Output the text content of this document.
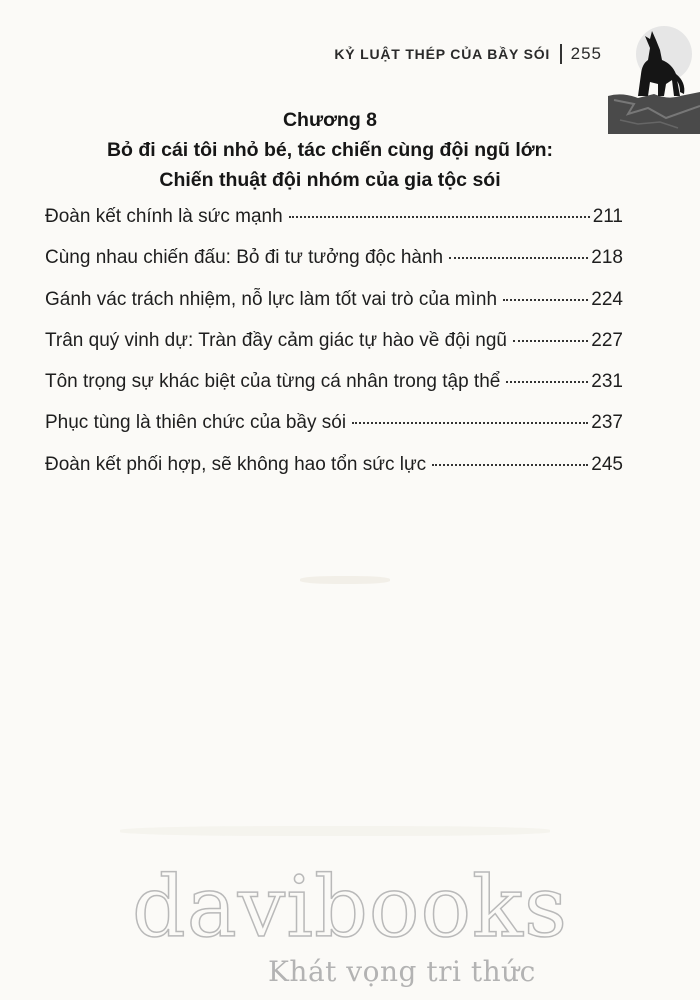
KỶ LUẬT THÉP CỦA BẦY SÓI 255
Chương 8
Bỏ đi cái tôi nhỏ bé, tác chiến cùng đội ngũ lớn:
Chiến thuật đội nhóm của gia tộc sói
Đoàn kết chính là sức mạnh	211
Cùng nhau chiến đấu: Bỏ đi tư tưởng độc hành	218
Gánh vác trách nhiệm, nỗ lực làm tốt vai trò của mình	224
Trân quý vinh dự: Tràn đầy cảm giác tự hào về đội ngũ	227
Tôn trọng sự khác biệt của từng cá nhân trong tập thể	231
Phục tùng là thiên chức của bầy sói	237
Đoàn kết phối hợp, sẽ không hao tổn sức lực	245
davibooks
Khát vọng tri thức
